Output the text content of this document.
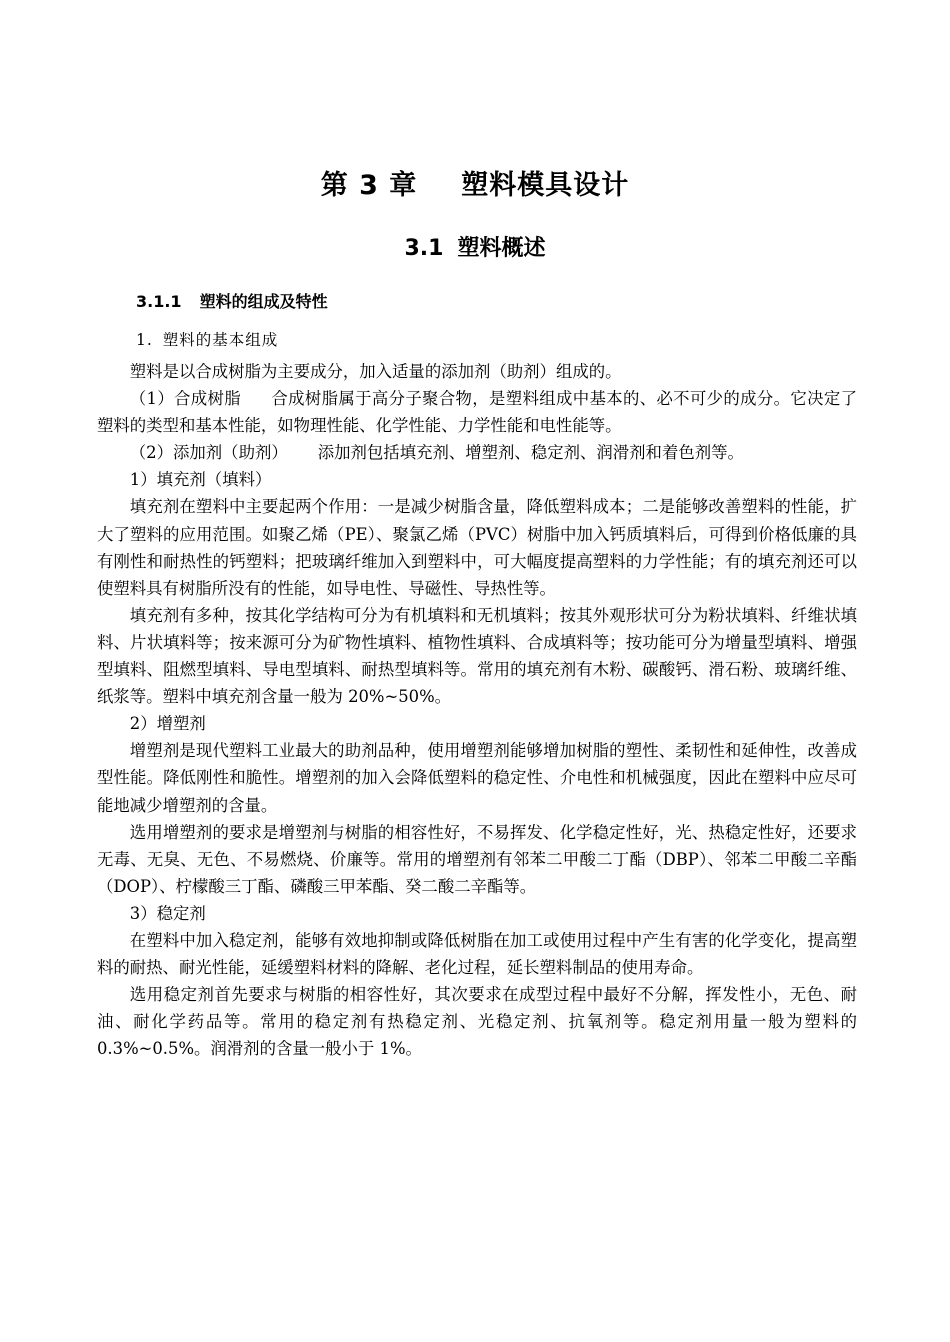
第 3 章 塑料模具设计
3.1 塑料概述
3.1.1 塑料的组成及特性
1. 塑料的基本组成

塑料是以合成树脂为主要成分，加入适量的添加剂（助剂）组成的。

（1）合成树脂 合成树脂属于高分子聚合物，是塑料组成中基本的、必不可少的成分。它决定了塑料的类型和基本性能，如物理性能、化学性能、力学性能和电性能等。

（2）添加剂（助剂） 添加剂包括填充剂、增塑剂、稳定剂、润滑剂和着色剂等。

1）填充剂（填料）

填充剂在塑料中主要起两个作用：一是减少树脂含量，降低塑料成本；二是能够改善塑料的性能，扩大了塑料的应用范围。如聚乙烯（PE）、聚氯乙烯（PVC）树脂中加入钙质填料后，可得到价格低廉的具有刚性和耐热性的钙塑料；把玻璃纤维加入到塑料中，可大幅度提高塑料的力学性能；有的填充剂还可以使塑料具有树脂所没有的性能，如导电性、导磁性、导热性等。

填充剂有多种，按其化学结构可分为有机填料和无机填料；按其外观形状可分为粉状填料、纤维状填料、片状填料等；按来源可分为矿物性填料、植物性填料、合成填料等；按功能可分为增量型填料、增强型填料、阻燃型填料、导电型填料、耐热型填料等。常用的填充剂有木粉、碳酸钙、滑石粉、玻璃纤维、纸浆等。塑料中填充剂含量一般为 20%~50%。

2）增塑剂

增塑剂是现代塑料工业最大的助剂品种，使用增塑剂能够增加树脂的塑性、柔韧性和延伸性，改善成型性能。降低刚性和脆性。增塑剂的加入会降低塑料的稳定性、介电性和机械强度，因此在塑料中应尽可能地减少增塑剂的含量。

选用增塑剂的要求是增塑剂与树脂的相容性好，不易挥发、化学稳定性好，光、热稳定性好，还要求无毒、无臭、无色、不易燃烧、价廉等。常用的增塑剂有邻苯二甲酸二丁酯（DBP）、邻苯二甲酸二辛酯（DOP）、柠檬酸三丁酯、磷酸三甲苯酯、癸二酸二辛酯等。

3）稳定剂

在塑料中加入稳定剂，能够有效地抑制或降低树脂在加工或使用过程中产生有害的化学变化，提高塑料的耐热、耐光性能，延缓塑料材料的降解、老化过程，延长塑料制品的使用寿命。

选用稳定剂首先要求与树脂的相容性好，其次要求在成型过程中最好不分解，挥发性小，无色、耐油、耐化学药品等。常用的稳定剂有热稳定剂、光稳定剂、抗氧剂等。稳定剂用量一般为塑料的 0.3%~0.5%。润滑剂的含量一般小于 1%。
